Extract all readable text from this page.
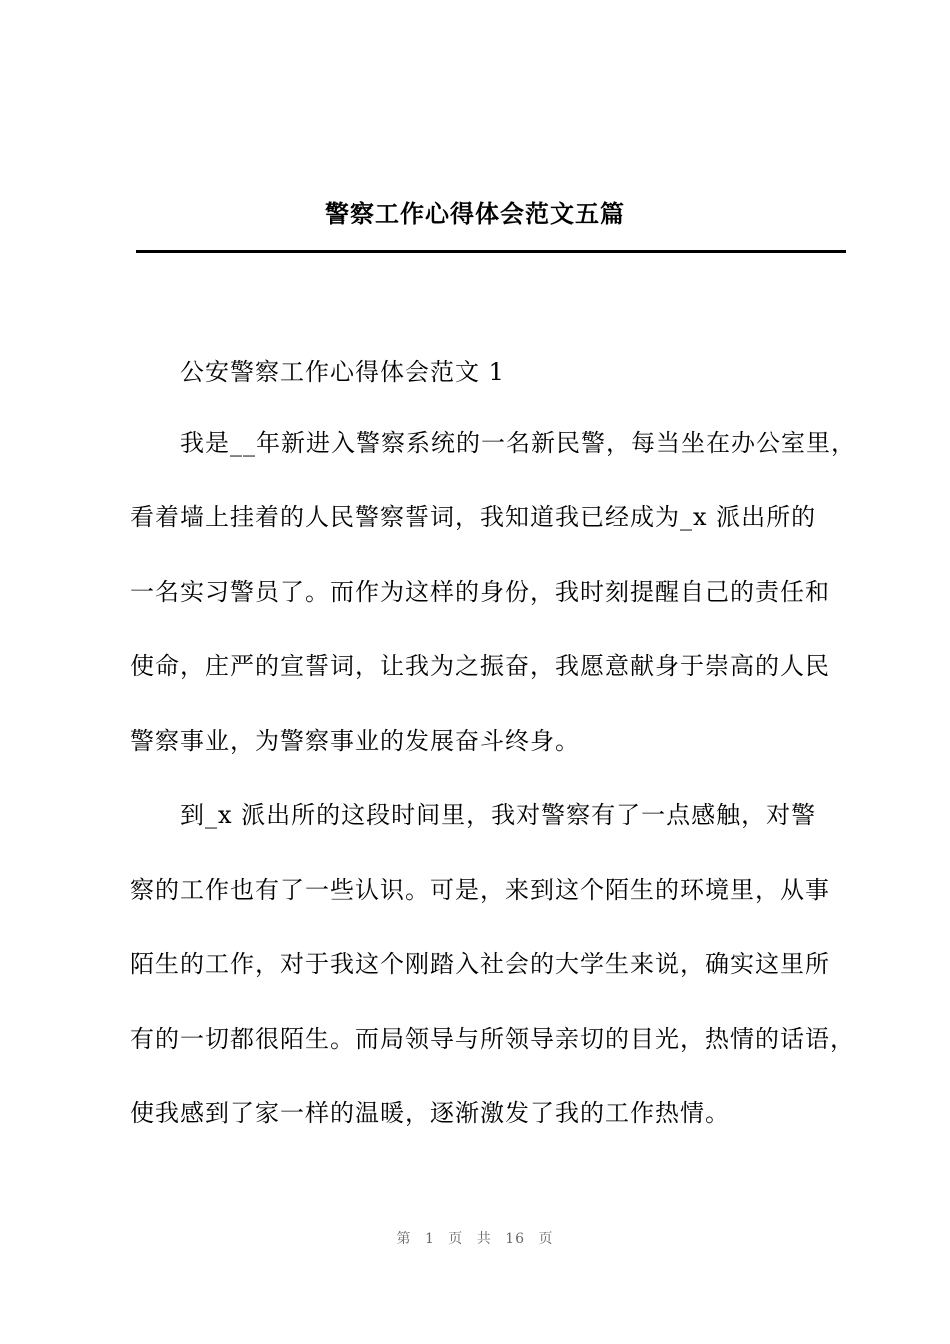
警察工作心得体会范文五篇
公安警察工作心得体会范文 1
我是__年新进入警察系统的一名新民警，每当坐在办公室里，
看着墙上挂着的人民警察誓词，我知道我已经成为_x 派出所的
一名实习警员了。而作为这样的身份，我时刻提醒自己的责任和
使命，庄严的宣誓词，让我为之振奋，我愿意献身于崇高的人民
警察事业，为警察事业的发展奋斗终身。
到_x 派出所的这段时间里，我对警察有了一点感触，对警
察的工作也有了一些认识。可是，来到这个陌生的环境里，从事
陌生的工作，对于我这个刚踏入社会的大学生来说，确实这里所
有的一切都很陌生。而局领导与所领导亲切的目光，热情的话语，
使我感到了家一样的温暖，逐渐激发了我的工作热情。
第 1 页 共 16 页
